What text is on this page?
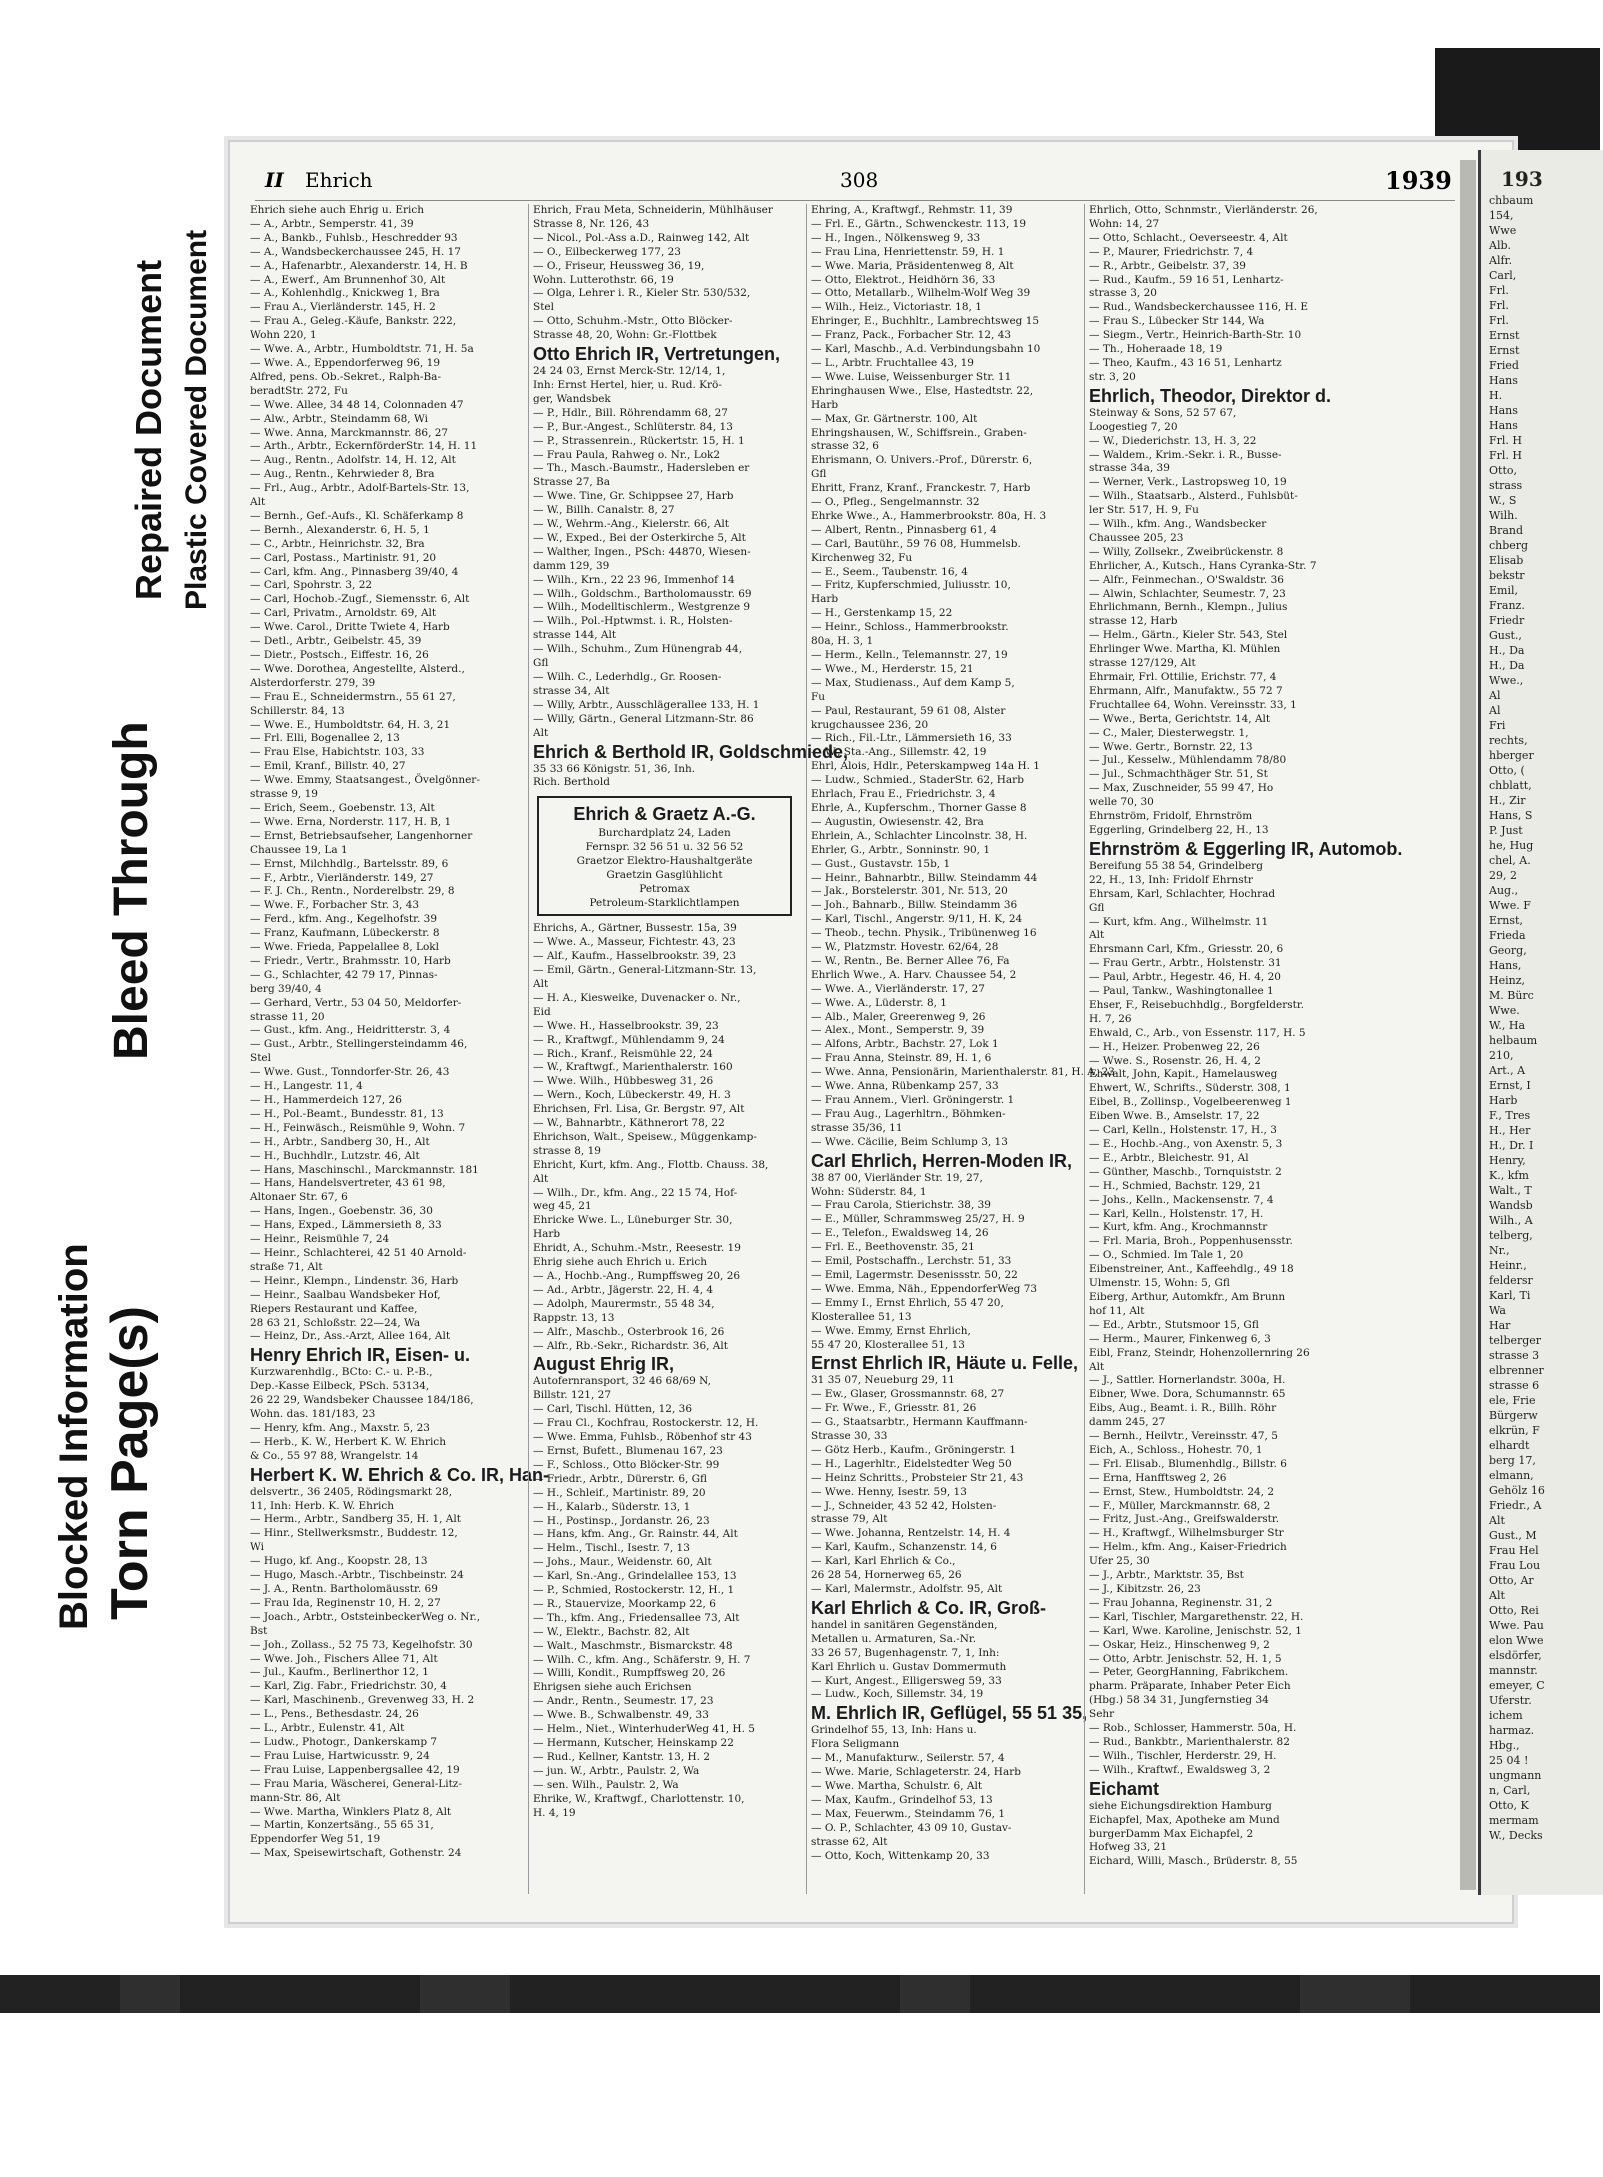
Blocked Information Torn Page(s)
Bleed Through
Repaired Document Plastic Covered Document
II Ehrich	308	1939
Ehrich siehe auch Ehrig u. Erich
— A., Arbtr., Semperstr. 41, 39
— A., Bankb., Fuhlsb., Heschredder 93
— A., Wandsbeckerchaussee 245, H. 17
— A., Hafenarbtr., Alexanderstr. 14, H. B
— A., Ewerf., Am Brunnenhof 30, Alt
— A., Kohlenhdlg., Knickweg 1, Bra
— Frau A., Vierländerstr. 145, H. 2
— Frau A., Geleg.-Käufe, Bankstr. 222,
Wohn 220, 1
— Wwe. A., Arbtr., Humboldtstr. 71, H. 5a
— Wwe. A., Eppendorferweg 96, 19
Alfred, pens. Ob.-Sekret., Ralph-Ba-
beradtStr. 272, Fu
— Wwe. Allee, 34 48 14, Colonnaden 47
— Alw., Arbtr., Steindamm 68, Wi
— Wwe. Anna, Marckmannstr. 86, 27
— Arth., Arbtr., EckernförderStr. 14, H. 11
— Aug., Rentn., Adolfstr. 14, H. 12, Alt
— Aug., Rentn., Kehrwieder 8, Bra
— Frl., Aug., Arbtr., Adolf-Bartels-Str. 13,
Alt
— Bernh., Gef.-Aufs., Kl. Schäferkamp 8
— Bernh., Alexanderstr. 6, H. 5, 1
— C., Arbtr., Heinrichstr. 32, Bra
— Carl, Postass., Martinistr. 91, 20
— Carl, kfm. Ang., Pinnasberg 39/40, 4
— Carl, Spohrstr. 3, 22
— Carl, Hochob.-Zugf., Siemensstr. 6, Alt
— Carl, Privatm., Arnoldstr. 69, Alt
— Wwe. Carol., Dritte Twiete 4, Harb
— Detl., Arbtr., Geibelstr. 45, 39
— Dietr., Postsch., Eiffestr. 16, 26
— Wwe. Dorothea, Angestellte, Alsterd.,
Alsterdorferstr. 279, 39
— Frau E., Schneidermstrn., 55 61 27,
Schillerstr. 84, 13
— Wwe. E., Humboldtstr. 64, H. 3, 21
— Frl. Elli, Bogenallee 2, 13
— Frau Else, Habichtstr. 103, 33
— Emil, Kranf., Billstr. 40, 27
— Wwe. Emmy, Staatsangest., Övelgönner-
strasse 9, 19
— Erich, Seem., Goebenstr. 13, Alt
— Wwe. Erna, Norderstr. 117, H. B, 1
— Ernst, Betriebsaufseher, Langenhorner
Chaussee 19, La 1
— Ernst, Milchhdlg., Bartelsstr. 89, 6
— F., Arbtr., Vierländerstr. 149, 27
— F. J. Ch., Rentn., Norderelbstr. 29, 8
— Wwe. F., Forbacher Str. 3, 43
— Ferd., kfm. Ang., Kegelhofstr. 39
— Franz, Kaufmann, Lübeckerstr. 8
— Wwe. Frieda, Pappelallee 8, Lokl
— Friedr., Vertr., Brahmsstr. 10, Harb
— G., Schlachter, 42 79 17, Pinnas-
berg 39/40, 4
— Gerhard, Vertr., 53 04 50, Meldorfer-
strasse 11, 20
— Gust., kfm. Ang., Heidritterstr. 3, 4
— Gust., Arbtr., Stellingersteindamm 46,
Stel
— Wwe. Gust., Tonndorfer-Str. 26, 43
— H., Langestr. 11, 4
— H., Hammerdeich 127, 26
— H., Pol.-Beamt., Bundesstr. 81, 13
— H., Feinwäsch., Reismühle 9, Wohn. 7
— H., Arbtr., Sandberg 30, H., Alt
— H., Buchhdlr., Lutzstr. 46, Alt
— Hans, Maschinschl., Marckmannstr. 181
— Hans, Handelsvertreter, 43 61 98,
Altonaer Str. 67, 6
— Hans, Ingen., Goebenstr. 36, 30
— Hans, Exped., Lämmersieth 8, 33
— Heinr., Reismühle 7, 24
— Heinr., Schlachterei, 42 51 40 Arnold-
straße 71, Alt
— Heinr., Klempn., Lindenstr. 36, Harb
— Heinr., Saalbau Wandsbeker Hof,
Riepers Restaurant und Kaffee,
28 63 21, Schloßstr. 22—24, Wa
— Heinz, Dr., Ass.-Arzt, Allee 164, Alt
Henry Ehrich IR, Eisen- u.
Kurzwarenhdlg., BCto: C.- u. P.-B.,
Dep.-Kasse Eilbeck, PSch. 53134,
26 22 29, Wandsbeker Chaussee 184/186,
Wohn. das. 181/183, 23
— Henry, kfm. Ang., Maxstr. 5, 23
— Herb., K. W., Herbert K. W. Ehrich
& Co., 55 97 88, Wrangelstr. 14
Herbert K. W. Ehrich & Co. IR, Han-
delsvertr., 36 2405, Rödingsmarkt 28,
11, Inh: Herb. K. W. Ehrich
— Herm., Arbtr., Sandberg 35, H. 1, Alt
— Hinr., Stellwerksmstr., Buddestr. 12,
Wi
— Hugo, kf. Ang., Koopstr. 28, 13
— Hugo, Masch.-Arbtr., Tischbeinstr. 24
— J. A., Rentn. Bartholomäusstr. 69
— Frau Ida, Reginenstr 10, H. 2, 27
— Joach., Arbtr., OststeinbeckerWeg o. Nr.,
Bst
— Joh., Zollass., 52 75 73, Kegelhofstr. 30
— Wwe. Joh., Fischers Allee 71, Alt
— Jul., Kaufm., Berlinerthor 12, 1
— Karl, Zig. Fabr., Friedrichstr. 30, 4
— Karl, Maschinenb., Grevenweg 33, H. 2
— L., Pens., Bethesdastr. 24, 26
— L., Arbtr., Eulenstr. 41, Alt
— Ludw., Photogr., Dankerskamp 7
— Frau Luise, Hartwicusstr. 9, 24
— Frau Luise, Lappenbergsallee 42, 19
— Frau Maria, Wäscherei, General-Litz-
mann-Str. 86, Alt
— Wwe. Martha, Winklers Platz 8, Alt
— Martin, Konzertsäng., 55 65 31,
Eppendorfer Weg 51, 19
— Max, Speisewirtschaft, Gothenstr. 24
Ehrich, Frau Meta, Schneiderin, Mühlhäuser
Strasse 8, Nr. 126, 43
— Nicol., Pol.-Ass a.D., Rainweg 142, Alt
— O., Eilbeckerweg 177, 23
— O., Friseur, Heussweg 36, 19,
Wohn. Lutterothstr. 66, 19
— Olga, Lehrer i. R., Kieler Str. 530/532,
Stel
— Otto, Schuhm.-Mstr., Otto Blöcker-
Strasse 48, 20, Wohn: Gr.-Flottbek
Otto Ehrich IR, Vertretungen,
24 24 03, Ernst Merck-Str. 12/14, 1,
Inh: Ernst Hertel, hier, u. Rud. Krö-
ger, Wandsbek
— P., Hdlr., Bill. Röhrendamm 68, 27
— P., Bur.-Angest., Schlüterstr. 84, 13
— P., Strassenrein., Rückertstr. 15, H. 1
— Frau Paula, Rahweg o. Nr., Lok2
— Th., Masch.-Baumstr., Hadersleben er
Strasse 27, Ba
— Wwe. Tine, Gr. Schippsee 27, Harb
— W., Billh. Canalstr. 8, 27
— W., Wehrm.-Ang., Kielerstr. 66, Alt
— W., Exped., Bei der Osterkirche 5, Alt
— Walther, Ingen., PSch: 44870, Wiesen-
damm 129, 39
— Wilh., Krn., 22 23 96, Immenhof 14
— Wilh., Goldschm., Bartholomausstr. 69
— Wilh., Modelltischlerm., Westgrenze 9
— Wilh., Pol.-Hptwmst. i. R., Holsten-
strasse 144, Alt
— Wilh., Schuhm., Zum Hünengrab 44,
Gfl
— Wilh. C., Lederhdlg., Gr. Roosen-
strasse 34, Alt
— Willy, Arbtr., Ausschlägerallee 133, H. 1
— Willy, Gärtn., General Litzmann-Str. 86
Alt
Ehrich & Berthold IR, Goldschmiede,
35 33 66 Königstr. 51, 36, Inh.
Rich. Berthold
Ehrich & Graetz A.-G.
Burchardplatz 24, Laden
Fernspr. 32 56 51 u. 32 56 52
Graetzor Elektro-Haushaltgeräte
Graetzin Gasglühlicht
Petromax
Petroleum-Starklichtlampen
Ehrichs, A., Gärtner, Bussestr. 15a, 39
— Wwe. A., Masseur, Fichtestr. 43, 23
— Alf., Kaufm., Hasselbrookstr. 39, 23
— Emil, Gärtn., General-Litzmann-Str. 13,
Alt
— H. A., Kiesweike, Duvenacker o. Nr.,
Eid
— Wwe. H., Hasselbrookstr. 39, 23
— R., Kraftwgf., Mühlendamm 9, 24
— Rich., Kranf., Reismühle 22, 24
— W., Kraftwgf., Marienthalerstr. 160
— Wwe. Wilh., Hübbesweg 31, 26
— Wern., Koch, Lübeckerstr. 49, H. 3
Ehrichsen, Frl. Lisa, Gr. Bergstr. 97, Alt
— W., Bahnarbtr., Käthnerort 78, 22
Ehrichson, Walt., Speisew., Müggenkamp-
strasse 8, 19
Ehricht, Kurt, kfm. Ang., Flottb. Chauss. 38,
Alt
— Wilh., Dr., kfm. Ang., 22 15 74, Hof-
weg 45, 21
Ehricke Wwe. L., Lüneburger Str. 30,
Harb
Ehridt, A., Schuhm.-Mstr., Reesestr. 19
Ehrig siehe auch Ehrich u. Erich
— A., Hochb.-Ang., Rumpffsweg 20, 26
— Ad., Arbtr., Jägerstr. 22, H. 4, 4
— Adolph, Maurermstr., 55 48 34,
Rappstr. 13, 13
— Alfr., Maschb., Osterbrook 16, 26
— Alfr., Rb.-Sekr., Richardstr. 36, Alt
August Ehrig IR,
Autofernransport, 32 46 68/69 N,
Billstr. 121, 27
— Carl, Tischl. Hütten, 12, 36
— Frau Cl., Kochfrau, Rostockerstr. 12, H.
— Wwe. Emma, Fuhlsb., Röbenhof str 43
— Ernst, Bufett., Blumenau 167, 23
— F., Schloss., Otto Blöcker-Str. 99
— Friedr., Arbtr., Dürerstr. 6, Gfl
— H., Schleif., Martinistr. 89, 20
— H., Kalarb., Süderstr. 13, 1
— H., Postinsp., Jordanstr. 26, 23
— Hans, kfm. Ang., Gr. Rainstr. 44, Alt
— Helm., Tischl., Isestr. 7, 13
— Johs., Maur., Weidenstr. 60, Alt
— Karl, Sn.-Ang., Grindelallee 153, 13
— P., Schmied, Rostockerstr. 12, H., 1
— R., Stauervize, Moorkamp 22, 6
— Th., kfm. Ang., Friedensallee 73, Alt
— W., Elektr., Bachstr. 82, Alt
— Walt., Maschmstr., Bismarckstr. 48
— Wilh. C., kfm. Ang., Schäferstr. 9, H. 7
— Willi, Kondit., Rumpffsweg 20, 26
Ehrigsen siehe auch Erichsen
— Andr., Rentn., Seumestr. 17, 23
— Wwe. B., Schwalbenstr. 49, 33
— Helm., Niet., WinterhuderWeg 41, H. 5
— Hermann, Kutscher, Heinskamp 22
— Rud., Kellner, Kantstr. 13, H. 2
— jun. W., Arbtr., Paulstr. 2, Wa
— sen. Wilh., Paulstr. 2, Wa
Ehrike, W., Kraftwgf., Charlottenstr. 10,
H. 4, 19
Ehring, A., Kraftwgf., Rehmstr. 11, 39
— Frl. E., Gärtn., Schwenckestr. 113, 19
— H., Ingen., Nölkensweg 9, 33
— Frau Lina, Henriettenstr. 59, H. 1
— Wwe. Maria, Präsidentenweg 8, Alt
— Otto, Elektrot., Heidhörn 36, 33
— Otto, Metallarb., Wilhelm-Wolf Weg 39
— Wilh., Heiz., Victoriastr. 18, 1
Ehringer, E., Buchhltr., Lambrechtsweg 15
— Franz, Pack., Forbacher Str. 12, 43
— Karl, Maschb., A.d. Verbindungsbahn 10
— L., Arbtr. Fruchtallee 43, 19
— Wwe. Luise, Weissenburger Str. 11
Ehringhausen Wwe., Else, Hastedtstr. 22,
Harb
— Max, Gr. Gärtnerstr. 100, Alt
Ehringshausen, W., Schiffsrein., Graben-
strasse 32, 6
Ehrismann, O. Univers.-Prof., Dürerstr. 6,
Gfl
Ehritt, Franz, Kranf., Franckestr. 7, Harb
— O., Pfleg., Sengelmannstr. 32
Ehrke Wwe., A., Hammerbrookstr. 80a, H. 3
— Albert, Rentn., Pinnasberg 61, 4
— Carl, Bautühr., 59 76 08, Hummelsb.
Kirchenweg 32, Fu
— E., Seem., Taubenstr. 16, 4
— Fritz, Kupferschmied, Juliusstr. 10,
Harb
— H., Gerstenkamp 15, 22
— Heinr., Schloss., Hammerbrookstr.
80a, H. 3, 1
— Herm., Kelln., Telemannstr. 27, 19
— Wwe., M., Herderstr. 15, 21
— Max, Studienass., Auf dem Kamp 5,
Fu
— Paul, Restaurant, 59 61 08, Alster
krugchaussee 236, 20
— Rich., Fil.-Ltr., Lämmersieth 16, 33
— W., Sta.-Ang., Sillemstr. 42, 19
Ehrl, Alois, Hdlr., Peterskampweg 14a H. 1
— Ludw., Schmied., StaderStr. 62, Harb
Ehrlach, Frau E., Friedrichstr. 3, 4
Ehrle, A., Kupferschm., Thorner Gasse 8
— Augustin, Owiesenstr. 42, Bra
Ehrlein, A., Schlachter Lincolnstr. 38, H.
Ehrler, G., Arbtr., Sonninstr. 90, 1
— Gust., Gustavstr. 15b, 1
— Heinr., Bahnarbtr., Billw. Steindamm 44
— Jak., Borstelerstr. 301, Nr. 513, 20
— Joh., Bahnarb., Billw. Steindamm 36
— Karl, Tischl., Angerstr. 9/11, H. K, 24
— Theob., techn. Physik., Tribünenweg 16
— W., Platzmstr. Hovestr. 62/64, 28
— W., Rentn., Be. Berner Allee 76, Fa
Ehrlich Wwe., A. Harv. Chaussee 54, 2
— Wwe. A., Vierländerstr. 17, 27
— Wwe. A., Lüderstr. 8, 1
— Alb., Maler, Greerenweg 9, 26
— Alex., Mont., Semperstr. 9, 39
— Alfons, Arbtr., Bachstr. 27, Lok 1
— Frau Anna, Steinstr. 89, H. 1, 6
— Wwe. Anna, Pensionärin, Marienthalerstr. 81, H. A, 23
— Wwe. Anna, Rübenkamp 257, 33
— Frau Annem., Vierl. Gröningerstr. 1
— Frau Aug., Lagerhltrn., Böhmken-
strasse 35/36, 11
— Wwe. Cäcilie, Beim Schlump 3, 13
Carl Ehrlich, Herren-Moden IR,
38 87 00, Vierländer Str. 19, 27,
Wohn: Süderstr. 84, 1
— Frau Carola, Stierichstr. 38, 39
— E., Müller, Schrammsweg 25/27, H. 9
— E., Telefon., Ewaldsweg 14, 26
— Frl. E., Beethovenstr. 35, 21
— Emil, Postschaffn., Lerchstr. 51, 33
— Emil, Lagermstr. Desenissstr. 50, 22
— Wwe. Emma, Näh., EppendorferWeg 73
— Emmy I., Ernst Ehrlich, 55 47 20,
Klosterallee 51, 13
— Wwe. Emmy, Ernst Ehrlich,
55 47 20, Klosterallee 51, 13
Ernst Ehrlich IR, Häute u. Felle,
31 35 07, Neueburg 29, 11
— Ew., Glaser, Grossmannstr. 68, 27
— Fr. Wwe., F., Griesstr. 81, 26
— G., Staatsarbtr., Hermann Kauffmann-
Strasse 30, 33
— Götz Herb., Kaufm., Gröningerstr. 1
— H., Lagerhltr., Eidelstedter Weg 50
— Heinz Schritts., Probsteier Str 21, 43
— Wwe. Henny, Isestr. 59, 13
— J., Schneider, 43 52 42, Holsten-
strasse 79, Alt
— Wwe. Johanna, Rentzelstr. 14, H. 4
— Karl, Kaufm., Schanzenstr. 14, 6
— Karl, Karl Ehrlich & Co.,
26 28 54, Hornerweg 65, 26
— Karl, Malermstr., Adolfstr. 95, Alt
Karl Ehrlich & Co. IR, Groß-
handel in sanitären Gegenständen,
Metallen u. Armaturen, Sa.-Nr.
33 26 57, Bugenhagenstr. 7, 1, Inh:
Karl Ehrlich u. Gustav Dommermuth
— Kurt, Angest., Elligersweg 59, 33
— Ludw., Koch, Sillemstr. 34, 19
M. Ehrlich IR, Geflügel, 55 51 35,
Grindelhof 55, 13, Inh: Hans u.
Flora Seligmann
— M., Manufakturw., Seilerstr. 57, 4
— Wwe. Marie, Schlageterstr. 24, Harb
— Wwe. Martha, Schulstr. 6, Alt
— Max, Kaufm., Grindelhof 53, 13
— Max, Feuerwm., Steindamm 76, 1
— O. P., Schlachter, 43 09 10, Gustav-
strasse 62, Alt
— Otto, Koch, Wittenkamp 20, 33
Ehrlich, Otto, Schnmstr., Vierländerstr. 26,
Wohn: 14, 27
— Otto, Schlacht., Oeverseestr. 4, Alt
— P., Maurer, Friedrichstr. 7, 4
— R., Arbtr., Geibelstr. 37, 39
— Rud., Kaufm., 59 16 51, Lenhartz-
strasse 3, 20
— Rud., Wandsbeckerchaussee 116, H. E
— Frau S., Lübecker Str 144, Wa
— Siegm., Vertr., Heinrich-Barth-Str. 10
— Th., Hoheraade 18, 19
— Theo, Kaufm., 43 16 51, Lenhartz
str. 3, 20
Ehrlich, Theodor, Direktor d.
Steinway & Sons, 52 57 67,
Loogestieg 7, 20
— W., Diederichstr. 13, H. 3, 22
— Waldem., Krim.-Sekr. i. R., Busse-
strasse 34a, 39
— Werner, Verk., Lastropsweg 10, 19
— Wilh., Staatsarb., Alsterd., Fuhlsbüt-
ler Str. 517, H. 9, Fu
— Wilh., kfm. Ang., Wandsbecker
Chaussee 205, 23
— Willy, Zollsekr., Zweibrückenstr. 8
Ehrlicher, A., Kutsch., Hans Cyrankа-Str. 7
— Alfr., Feinmechan., O'Swaldstr. 36
— Alwin, Schlachter, Seumestr. 7, 23
Ehrlichmann, Bernh., Klempn., Julius
strasse 12, Harb
— Helm., Gärtn., Kieler Str. 543, Stel
Ehrlinger Wwe. Martha, Kl. Mühlen
strasse 127/129, Alt
Ehrmair, Frl. Ottilie, Erichstr. 77, 4
Ehrmann, Alfr., Manufaktw., 55 72 7
Fruchtallee 64, Wohn. Vereinsstr. 33, 1
— Wwe., Berta, Gerichtstr. 14, Alt
— C., Maler, Diesterwegstr. 1,
— Wwe. Gertr., Bornstr. 22, 13
— Jul., Kesselw., Mühlendamm 78/80
— Jul., Schmachthäger Str. 51, St
— Max, Zuschneider, 55 99 47, Ho
welle 70, 30
Ehrnström, Fridolf, Ehrnström
Eggerling, Grindelberg 22, H., 13
Ehrnström & Eggerling IR, Automob.
Bereifung 55 38 54, Grindelberg
22, H., 13, Inh: Fridolf Ehrnstr
Ehrsam, Karl, Schlachter, Hochrad
Gfl
— Kurt, kfm. Ang., Wilhelmstr. 11
Alt
Ehrsmann Carl, Kfm., Griesstr. 20, 6
— Frau Gertr., Arbtr., Holstenstr. 31
— Paul, Arbtr., Hegestr. 46, H. 4, 20
— Paul, Tankw., Washingtonallee 1
Ehser, F., Reisebuchhdlg., Borgfelderstr.
H. 7, 26
Ehwald, C., Arb., von Essenstr. 117, H. 5
— H., Heizer. Probenweg 22, 26
— Wwe. S., Rosenstr. 26, H. 4, 2
Ehwalt, John, Kapit., Hamelausweg
Ehwert, W., Schrifts., Süderstr. 308, 1
Eibel, B., Zollinsp., Vogelbeerenweg 1
Eiben Wwe. B., Amselstr. 17, 22
— Carl, Kelln., Holstenstr. 17, H., 3
— E., Hochb.-Ang., von Axenstr. 5, 3
— E., Arbtr., Bleichestr. 91, Al
— Günther, Maschb., Tornquiststr. 2
— H., Schmied, Bachstr. 129, 21
— Johs., Kelln., Mackensenstr. 7, 4
— Karl, Kelln., Holstenstr. 17, H.
— Kurt, kfm. Ang., Krochmannstr
— Frl. Maria, Broh., Poppenhusensstr.
— O., Schmied. Im Tale 1, 20
Eibenstreiner, Ant., Kaffeehdlg., 49 18
Ulmenstr. 15, Wohn: 5, Gfl
Eiberg, Arthur, Automkfr., Am Brunn
hof 11, Alt
— Ed., Arbtr., Stutsmoor 15, Gfl
— Herm., Maurer, Finkenweg 6, 3
Eibl, Franz, Steindr, Hohenzollernring 26
Alt
— J., Sattler. Hornerlandstr. 300a, H.
Eibner, Wwe. Dora, Schumannstr. 65
Eibs, Aug., Beamt. i. R., Billh. Röhr
damm 245, 27
— Bernh., Heilvtr., Vereinsstr. 47, 5
Eich, A., Schloss., Hohestr. 70, 1
— Frl. Elisab., Blumenhdlg., Billstr. 6
— Erna, Hanfftsweg 2, 26
— Ernst, Stew., Humboldtstr. 24, 2
— F., Müller, Marckmannstr. 68, 2
— Fritz, Just.-Ang., Greifswalderstr.
— H., Kraftwgf., Wilhelmsburger Str
— Helm., kfm. Ang., Kaiser-Friedrich
Ufer 25, 30
— J., Arbtr., Marktstr. 35, Bst
— J., Kibitzstr. 26, 23
— Frau Johanna, Reginenstr. 31, 2
— Karl, Tischler, Margarethenstr. 22, H.
— Karl, Wwe. Karoline, Jenischstr. 52, 1
— Oskar, Heiz., Hinschenweg 9, 2
— Otto, Arbtr. Jenischstr. 52, H. 1, 5
— Peter, GeorgHanning, Fabrikchem.
pharm. Präparate, Inhaber Peter Eich
(Hbg.) 58 34 31, Jungfernstieg 34
Sehr
— Rob., Schlosser, Hammerstr. 50a, H.
— Rud., Bankbtr., Marienthalerstr. 82
— Wilh., Tischler, Herderstr. 29, H.
— Wilh., Kraftwf., Ewaldsweg 3, 2
Eichamt
siehe Eichungsdirektion Hamburg
Eichapfel, Max, Apotheke am Mund
burgerDamm Max Eichapfel, 2
Hofweg 33, 21
Eichard, Willi, Masch., Brüderstr. 8, 55
193
chbaum
154,
Wwe
Alb.
Alfr.
Carl,
Frl.
Frl.
Frl.
Ernst
Ernst
Fried
Hans
H.
Hans
Hans
Frl. H
Frl. H
Otto,
strass
W., S
Wilh.
Brand
chberg
Elisab
bekstr
Emil,
Franz.
Friedr
Gust.,
H., Da
H., Da
Wwe.,
Al
Al
Fri
rechts,
hberger
Otto, (
chblatt,
H., Zir
Hans, S
P. Just
he, Hug
chel, A.
29, 2
Aug.,
Wwe. F
Ernst,
Frieda
Georg,
Hans,
Heinz,
M. Bürc
Wwe.
W., Ha
helbaum
210,
Art., A
Ernst, I
Harb
F., Tres
H., Her
H., Dr. I
Henry,
K., kfm
Walt., T
Wandsb
Wilh., A
telberg,
Nr.,
Heinr.,
feldersr
Karl, Ti
Wa
Har
telberger
strasse 3
elbrenner
strasse 6
ele, Frie
Bürgerw
elkrün, F
elhardt
berg 17,
elmann,
Gehölz 16
Friedr., A
Alt
Gust., M
Frau Hel
Frau Lou
Otto, Ar
Alt
Otto, Rei
Wwe. Pau
elon Wwe
elsdörfer,
mannstr.
emeyer, C
Uferstr.
ichem
harmaz.
Hbg.,
25 04 !
ungmann
n, Carl,
Otto, K
mermam
W., Decks
